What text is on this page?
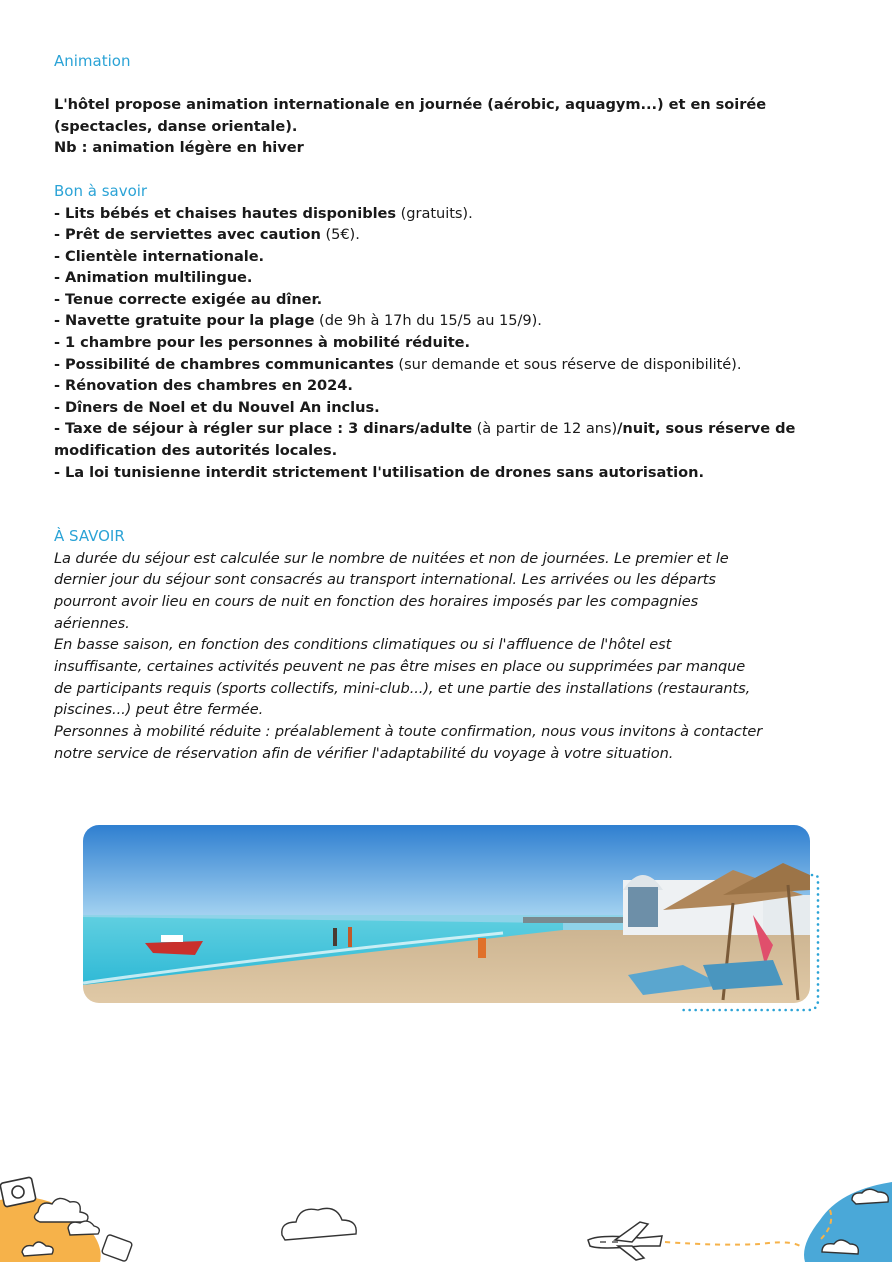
Animation
L'hôtel propose animation internationale en journée (aérobic, aquagym...) et en soirée
(spectacles, danse orientale).
Nb : animation légère en hiver
Bon à savoir
- Lits bébés et chaises hautes disponibles (gratuits).
- Prêt de serviettes avec caution (5€).
- Clientèle internationale.
- Animation multilingue.
- Tenue correcte exigée au dîner.
- Navette gratuite pour la plage (de 9h à 17h du 15/5 au 15/9).
- 1 chambre pour les personnes à mobilité réduite.
- Possibilité de chambres communicantes (sur demande et sous réserve de disponibilité).
- Rénovation des chambres en 2024.
- Dîners de Noel et du Nouvel An inclus.
- Taxe de séjour à régler sur place : 3 dinars/adulte (à partir de 12 ans)/nuit, sous réserve de
modification des autorités locales.
- La loi tunisienne interdit strictement l'utilisation de drones sans autorisation.
À SAVOIR
La durée du séjour est calculée sur le nombre de nuitées et non de journées. Le premier et le
dernier jour du séjour sont consacrés au transport international. Les arrivées ou les départs
pourront avoir lieu en cours de nuit en fonction des horaires imposés par les compagnies
aériennes.
En basse saison, en fonction des conditions climatiques ou si l'affluence de l'hôtel est
insuffisante, certaines activités peuvent ne pas être mises en place ou supprimées par manque
de participants requis (sports collectifs, mini-club...), et une partie des installations (restaurants,
piscines...) peut être fermée.
Personnes à mobilité réduite : préalablement à toute confirmation, nous vous invitons à contacter
notre service de réservation afin de vérifier l'adaptabilité du voyage à votre situation.
